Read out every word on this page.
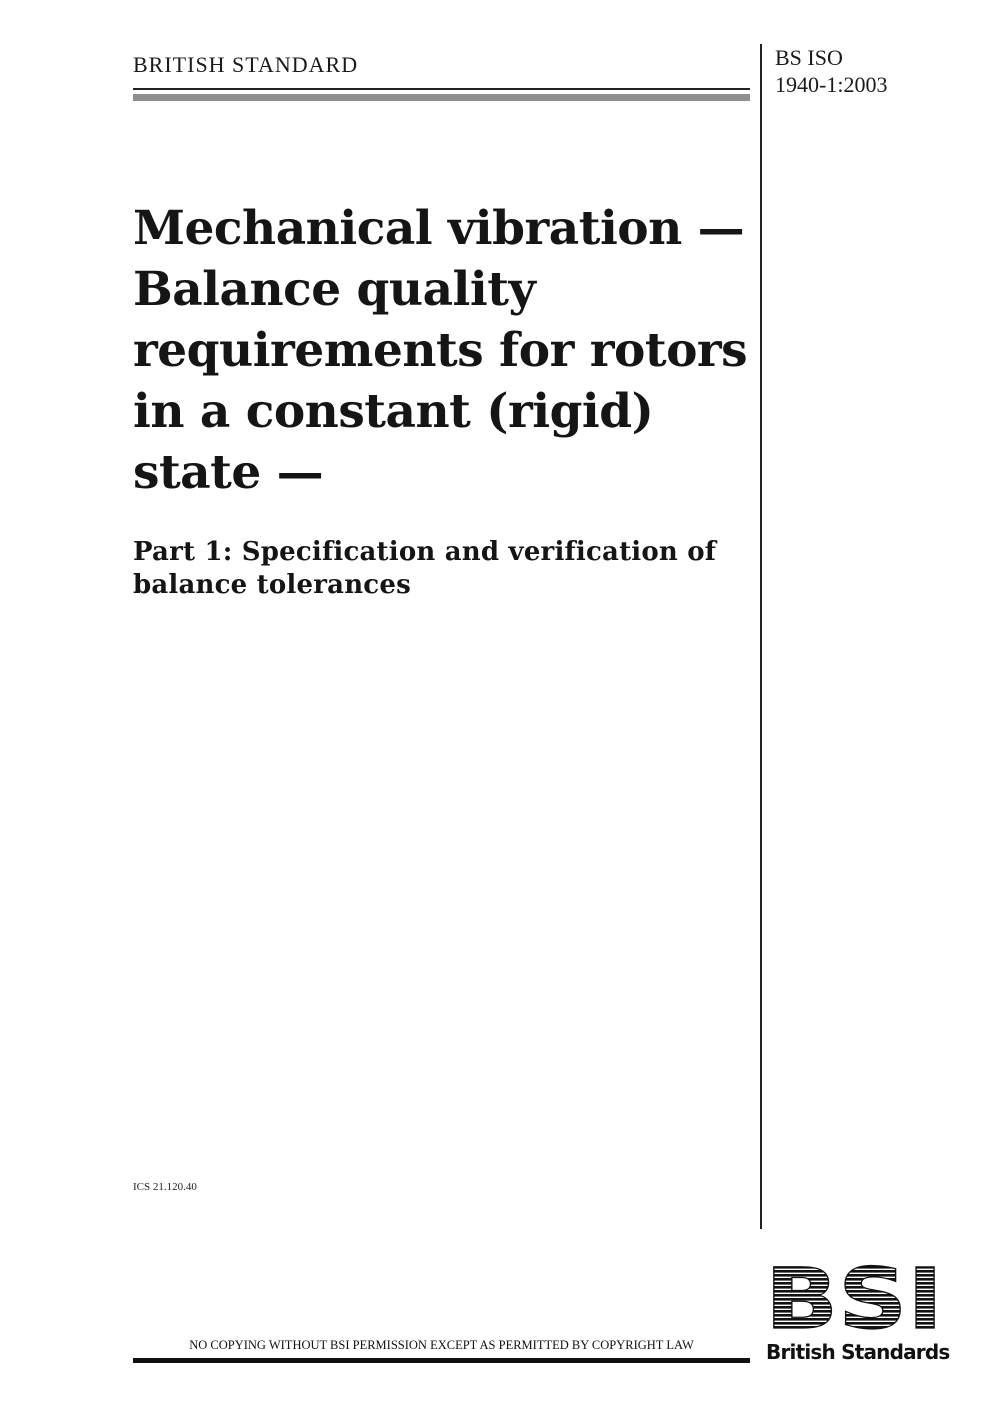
BRITISH STANDARD	BS ISO
1940-1:2003
Mechanical vibration —
Balance quality
requirements for rotors
in a constant (rigid)
state —
Part 1: Specification and verification of
balance tolerances
ICS 21.120.40
NO COPYING WITHOUT BSI PERMISSION EXCEPT AS PERMITTED BY COPYRIGHT LAW BSI
British Standards
